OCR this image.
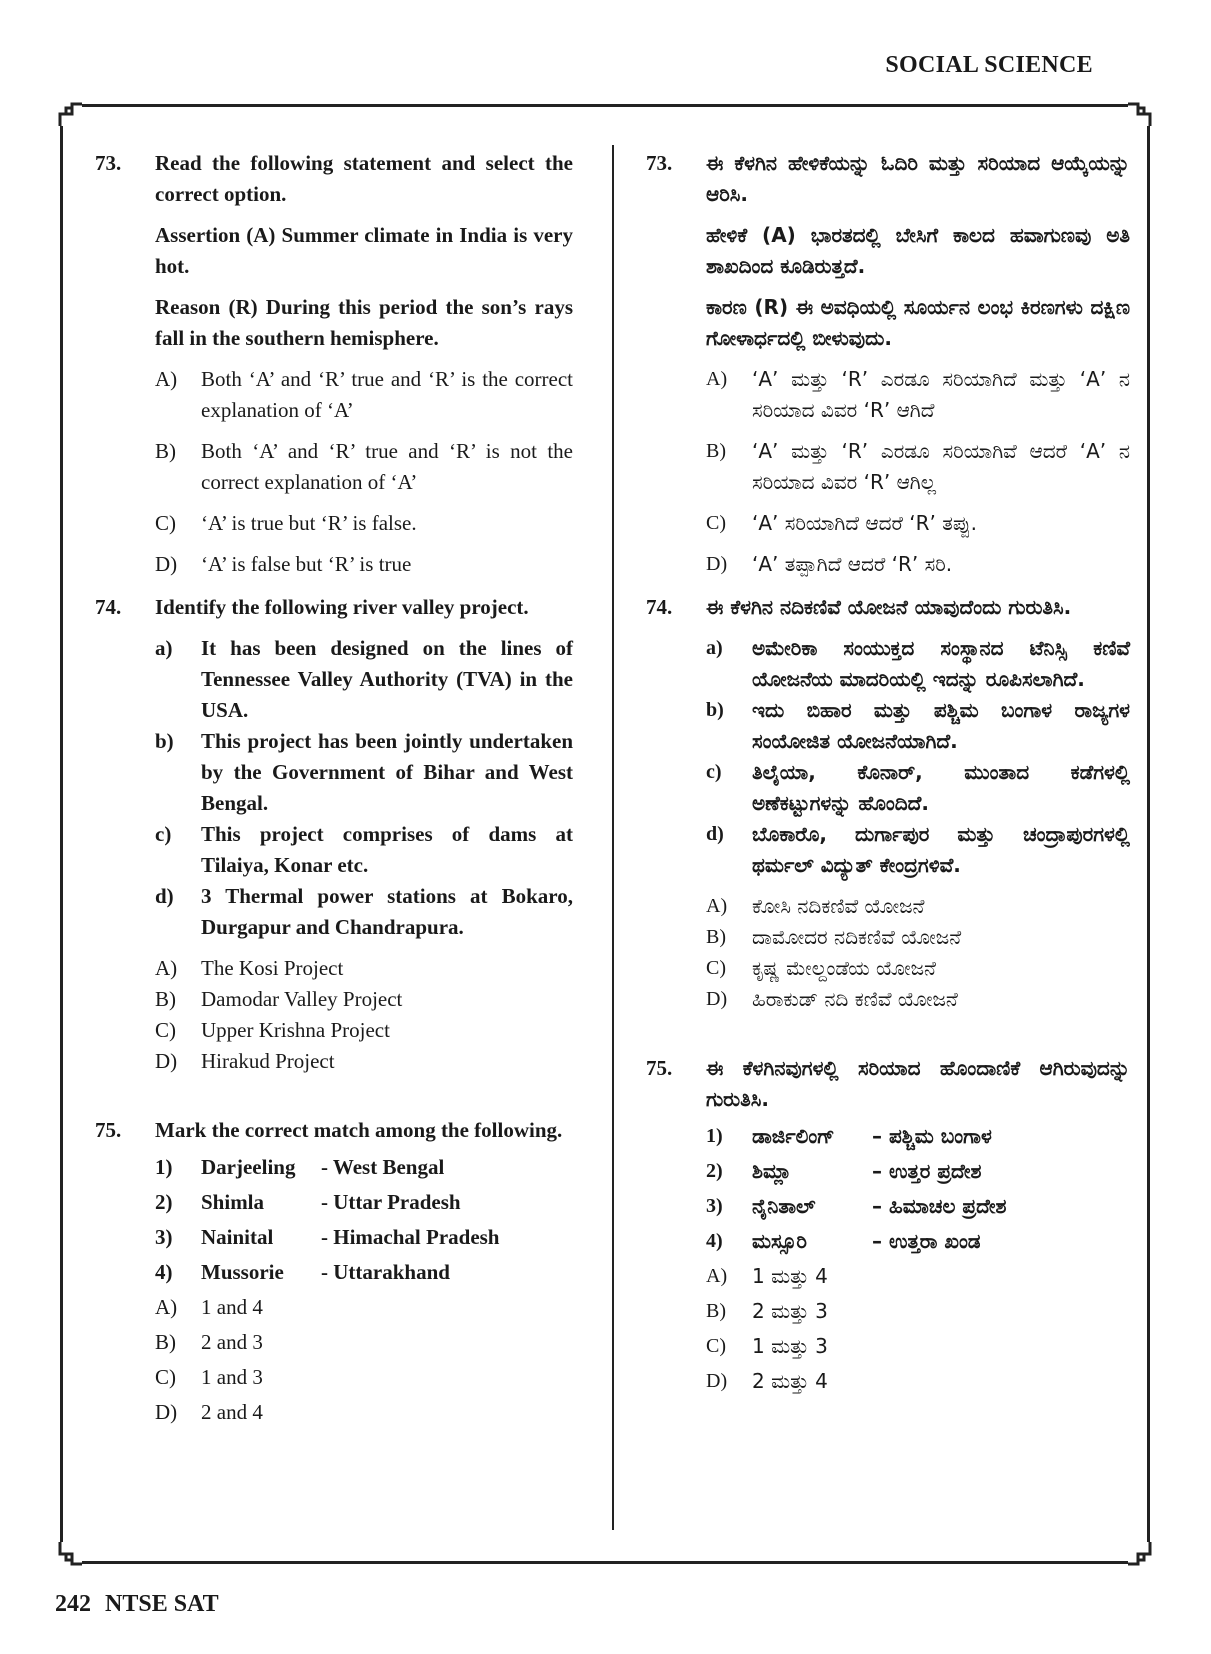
SOCIAL SCIENCE
73.	Read the following statement and select the correct option.

Assertion (A) Summer climate in India is very hot.

Reason (R) During this period the son’s rays fall in the southern hemisphere.

A)	Both ‘A’ and ‘R’ true and ‘R’ is the correct explanation of ‘A’
B)	Both ‘A’ and ‘R’ true and ‘R’ is not the correct explanation of ‘A’
C)	‘A’ is true but ‘R’ is false.
D)	‘A’ is false but ‘R’ is true
74.	Identify the following river valley project.

a)	It has been designed on the lines of Tennessee Valley Authority (TVA) in the USA.
b)	This project has been jointly undertaken by the Government of Bihar and West Bengal.
c)	This project comprises of dams at Tilaiya, Konar etc.
d)	3 Thermal power stations at Bokaro, Durgapur and Chandrapura.
A)	The Kosi Project
B)	Damodar Valley Project
C)	Upper Krishna Project
D)	Hirakud Project
75.	Mark the correct match among the following.

1)	Darjeeling	- West Bengal
2)	Shimla	- Uttar Pradesh
3)	Nainital	- Himachal Pradesh
4)	Mussorie	- Uttarakhand
A)	1 and 4
B)	2 and 3
C)	1 and 3
D)	2 and 4
73.	ಈ ಕೆಳಗಿನ ಹೇಳಿಕೆಯನ್ನು ಓದಿರಿ ಮತ್ತು ಸರಿಯಾದ ಆಯ್ಕೆಯನ್ನು ಆರಿಸಿ.

ಹೇಳಿಕೆ (A) ಭಾರತದಲ್ಲಿ ಬೇಸಿಗೆ ಕಾಲದ ಹವಾಗುಣವು ಅತಿ ಶಾಖದಿಂದ ಕೂಡಿರುತ್ತದೆ.

ಕಾರಣ (R) ಈ ಅವಧಿಯಲ್ಲಿ ಸೂರ್ಯನ ಲಂಭ ಕಿರಣಗಳು ದಕ್ಷಿಣ ಗೋಳಾರ್ಧದಲ್ಲಿ ಬೀಳುವುದು.

A)	‘A’ ಮತ್ತು ‘R’ ಎರಡೂ ಸರಿಯಾಗಿದೆ ಮತ್ತು ‘A’ ನ ಸರಿಯಾದ ವಿವರ ‘R’ ಆಗಿದೆ
B)	‘A’ ಮತ್ತು ‘R’ ಎರಡೂ ಸರಿಯಾಗಿವೆ ಆದರೆ ‘A’ ನ ಸರಿಯಾದ ವಿವರ ‘R’ ಆಗಿಲ್ಲ
C)	‘A’ ಸರಿಯಾಗಿದೆ ಆದರೆ ‘R’ ತಪ್ಪು.
D)	‘A’ ತಪ್ಪಾಗಿದೆ ಆದರೆ ‘R’ ಸರಿ.
74.	ಈ ಕೆಳಗಿನ ನದಿಕಣಿವೆ ಯೋಜನೆ ಯಾವುದೆಂದು ಗುರುತಿಸಿ.

a)	ಅಮೇರಿಕಾ ಸಂಯುಕ್ತದ ಸಂಸ್ಥಾನದ ಟೆನಿಸ್ಸಿ ಕಣಿವೆ ಯೋಜನೆಯ ಮಾದರಿಯಲ್ಲಿ ಇದನ್ನು ರೂಪಿಸಲಾಗಿದೆ.
b)	ಇದು ಬಿಹಾರ ಮತ್ತು ಪಶ್ಚಿಮ ಬಂಗಾಳ ರಾಜ್ಯಗಳ ಸಂಯೋಜಿತ ಯೋಜನೆಯಾಗಿದೆ.
c)	ತಿಲೈಯಾ, ಕೊನಾರ್, ಮುಂತಾದ ಕಡೆಗಳಲ್ಲಿ ಅಣೆಕಟ್ಟುಗಳನ್ನು ಹೊಂದಿದೆ.
d)	ಬೊಕಾರೊ, ದುರ್ಗಾಪುರ ಮತ್ತು ಚಂದ್ರಾಪುರಗಳಲ್ಲಿ ಥರ್ಮಲ್ ವಿದ್ಯುತ್ ಕೇಂದ್ರಗಳಿವೆ.
A)	ಕೋಸಿ ನದಿಕಣಿವೆ ಯೋಜನೆ
B)	ದಾಮೋದರ ನದಿಕಣಿವೆ ಯೋಜನೆ
C)	ಕೃಷ್ಣ ಮೇಲ್ದಂಡೆಯ ಯೋಜನೆ
D)	ಹಿರಾಕುಡ್ ನದಿ ಕಣಿವೆ ಯೋಜನೆ
75.	ಈ ಕೆಳಗಿನವುಗಳಲ್ಲಿ ಸರಿಯಾದ ಹೊಂದಾಣಿಕೆ ಆಗಿರುವುದನ್ನು ಗುರುತಿಸಿ.

1)	ಡಾರ್ಜಿಲಿಂಗ್	– ಪಶ್ಚಿಮ ಬಂಗಾಳ
2)	ಶಿಮ್ಲಾ	– ಉತ್ತರ ಪ್ರದೇಶ
3)	ನೈನಿತಾಲ್	– ಹಿಮಾಚಲ ಪ್ರದೇಶ
4)	ಮಸ್ಸೂರಿ	– ಉತ್ತರಾ ಖಂಡ
A)	1 ಮತ್ತು 4
B)	2 ಮತ್ತು 3
C)	1 ಮತ್ತು 3
D)	2 ಮತ್ತು 4
242 NTSE SAT
